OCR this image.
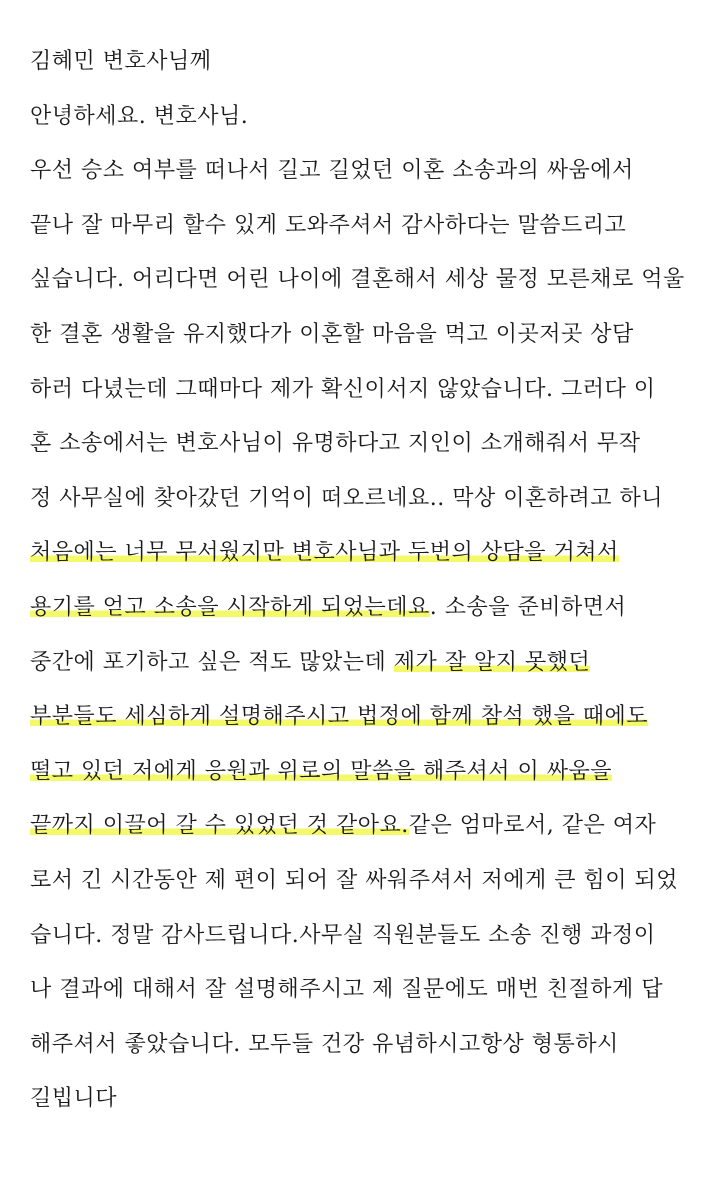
김혜민 변호사님께
안녕하세요. 변호사님.
우선 승소 여부를 떠나서 길고 길었던 이혼 소송과의 싸움에서
끝나 잘 마무리 할수 있게 도와주셔서 감사하다는 말씀드리고
싶습니다. 어리다면 어린 나이에 결혼해서 세상 물정 모른채로 억울
한 결혼 생활을 유지했다가 이혼할 마음을 먹고 이곳저곳 상담
하러 다녔는데 그때마다 제가 확신이서지 않았습니다. 그러다 이
혼 소송에서는 변호사님이 유명하다고 지인이 소개해줘서 무작
정 사무실에 찾아갔던 기억이 떠오르네요.. 막상 이혼하려고 하니
처음에는 너무 무서웠지만 변호사님과 두번의 상담을 거쳐서
용기를 얻고 소송을 시작하게 되었는데요. 소송을 준비하면서
중간에 포기하고 싶은 적도 많았는데 제가 잘 알지 못했던
부분들도 세심하게 설명해주시고 법정에 함께 참석 했을 때에도
떨고 있던 저에게 응원과 위로의 말씀을 해주셔서 이 싸움을
끝까지 이끌어 갈 수 있었던 것 같아요.같은 엄마로서, 같은 여자
로서 긴 시간동안 제 편이 되어 잘 싸워주셔서 저에게 큰 힘이 되었
습니다. 정말 감사드립니다.사무실 직원분들도 소송 진행 과정이
나 결과에 대해서 잘 설명해주시고 제 질문에도 매번 친절하게 답
해주셔서 좋았습니다. 모두들 건강 유념하시고항상 형통하시
길빕니다
